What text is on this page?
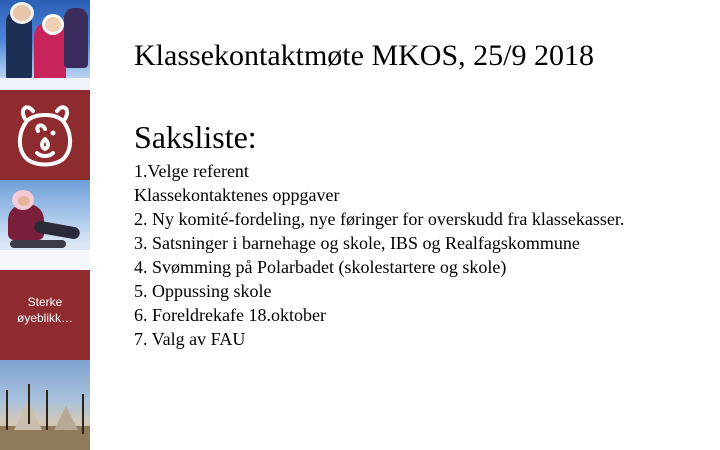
Sterke
øyeblikk…
Klassekontaktmøte MKOS, 25/9 2018
Saksliste:
1.Velge referent
Klassekontaktenes oppgaver
2. Ny komité-fordeling, nye føringer for overskudd fra klassekasser.
3. Satsninger i barnehage og skole, IBS og Realfagskommune
4. Svømming på Polarbadet (skolestartere og skole)
5. Oppussing skole
6. Foreldrekafe 18.oktober
7. Valg av FAU
